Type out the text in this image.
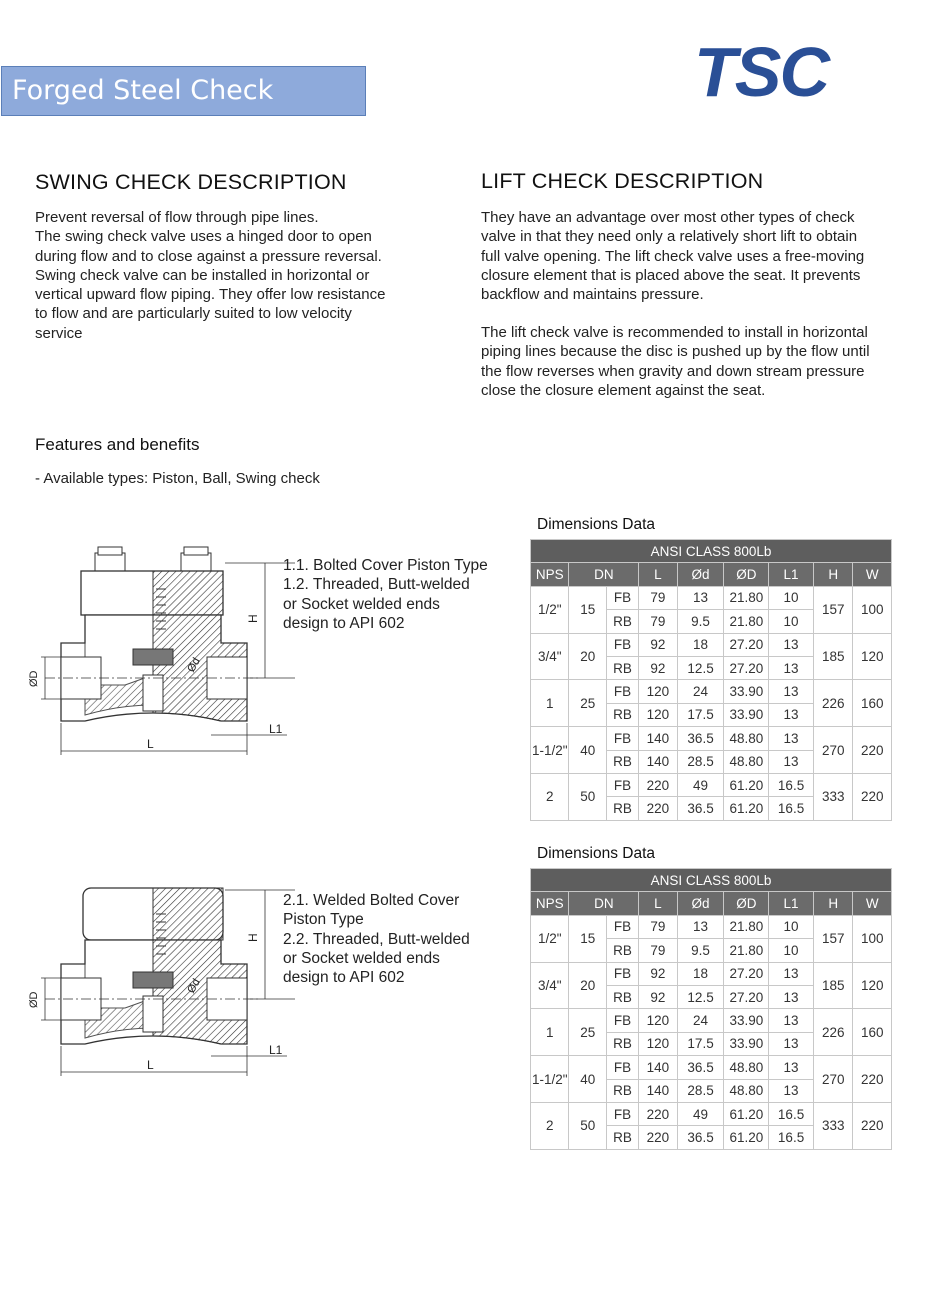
Forged Steel Check Valves
TSC
SWING CHECK DESCRIPTION
Prevent reversal of flow through pipe lines.
The swing check valve uses a hinged door to open
during flow and to close against a pressure reversal.
Swing check valve can be installed in horizontal or
vertical upward flow piping. They offer low resistance
to flow and are particularly suited to low velocity
service
LIFT CHECK DESCRIPTION
They have an advantage over most other types of check
valve in that they need only a relatively short lift to obtain
full valve opening. The lift check valve uses a free-moving
closure element that is placed above the seat. It prevents
backflow and maintains pressure.
The lift check valve is recommended to install in horizontal
piping lines because the disc is pushed up by the flow until
the flow reverses when gravity and down stream pressure
close the closure element against the seat.
Features and benefits
- Available types: Piston, Ball, Swing check
H
L
L1
ØD
Ød
1.1. Bolted Cover Piston Type
1.2. Threaded, Butt-welded
or Socket welded ends
design to API 602
Dimensions Data
ANSI CLASS 800Lb								
NPS	DN		L	Ød	ØD	L1	H	W
1/2"	15	FB	79	13	21.80	10	157	100
		RB	79	9.5	21.80	10		
3/4"	20	FB	92	18	27.20	13	185	120
		RB	92	12.5	27.20	13		
1	25	FB	120	24	33.90	13	226	160
		RB	120	17.5	33.90	13		
1-1/2"	40	FB	140	36.5	48.80	13	270	220
		RB	140	28.5	48.80	13		
2	50	FB	220	49	61.20	16.5	333	220
		RB	220	36.5	61.20	16.5		
H
L
L1
ØD
Ød
2.1. Welded Bolted Cover
Piston Type
2.2. Threaded, Butt-welded
or Socket welded ends
design to API 602
Dimensions Data
ANSI CLASS 800Lb								
NPS	DN		L	Ød	ØD	L1	H	W
1/2"	15	FB	79	13	21.80	10	157	100
		RB	79	9.5	21.80	10		
3/4"	20	FB	92	18	27.20	13	185	120
		RB	92	12.5	27.20	13		
1	25	FB	120	24	33.90	13	226	160
		RB	120	17.5	33.90	13		
1-1/2"	40	FB	140	36.5	48.80	13	270	220
		RB	140	28.5	48.80	13		
2	50	FB	220	49	61.20	16.5	333	220
		RB	220	36.5	61.20	16.5		
